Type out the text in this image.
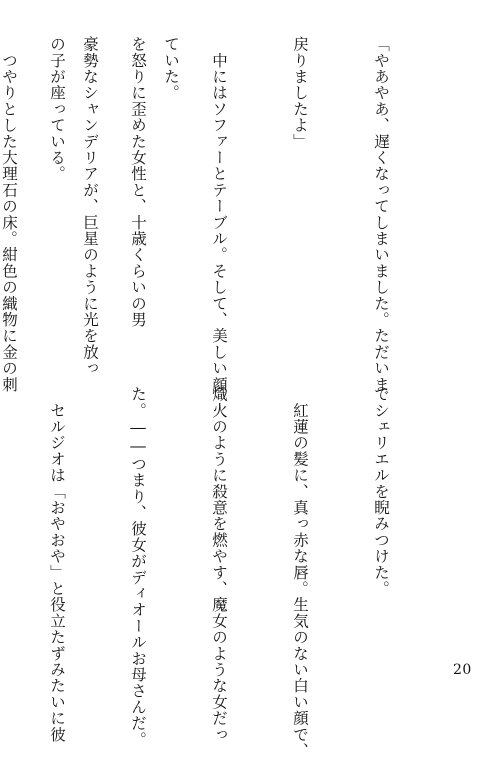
ていた。

豪勢なシャンデリアが、巨星のように光を放っ

　つやりとした大理石の床。紺色の織物に金の刺

	「やあやあ、遅くなってしまいました。ただいま

戻りましたよ」

　中にはソファーとテーブル。そして、美しい顔

を怒りに歪めた女性と、十歳くらいの男

の子が座っている。

でシェリエルを睨みつけた。

　紅蓮の髪に、真っ赤な唇。生気のない白い顔で、

熾火のように殺意を燃やす、魔女のような女だっ

た。――つまり、彼女がディオールお母さんだ。

　セルジオは「おやおや」と役立たずみたいに彼

	20
